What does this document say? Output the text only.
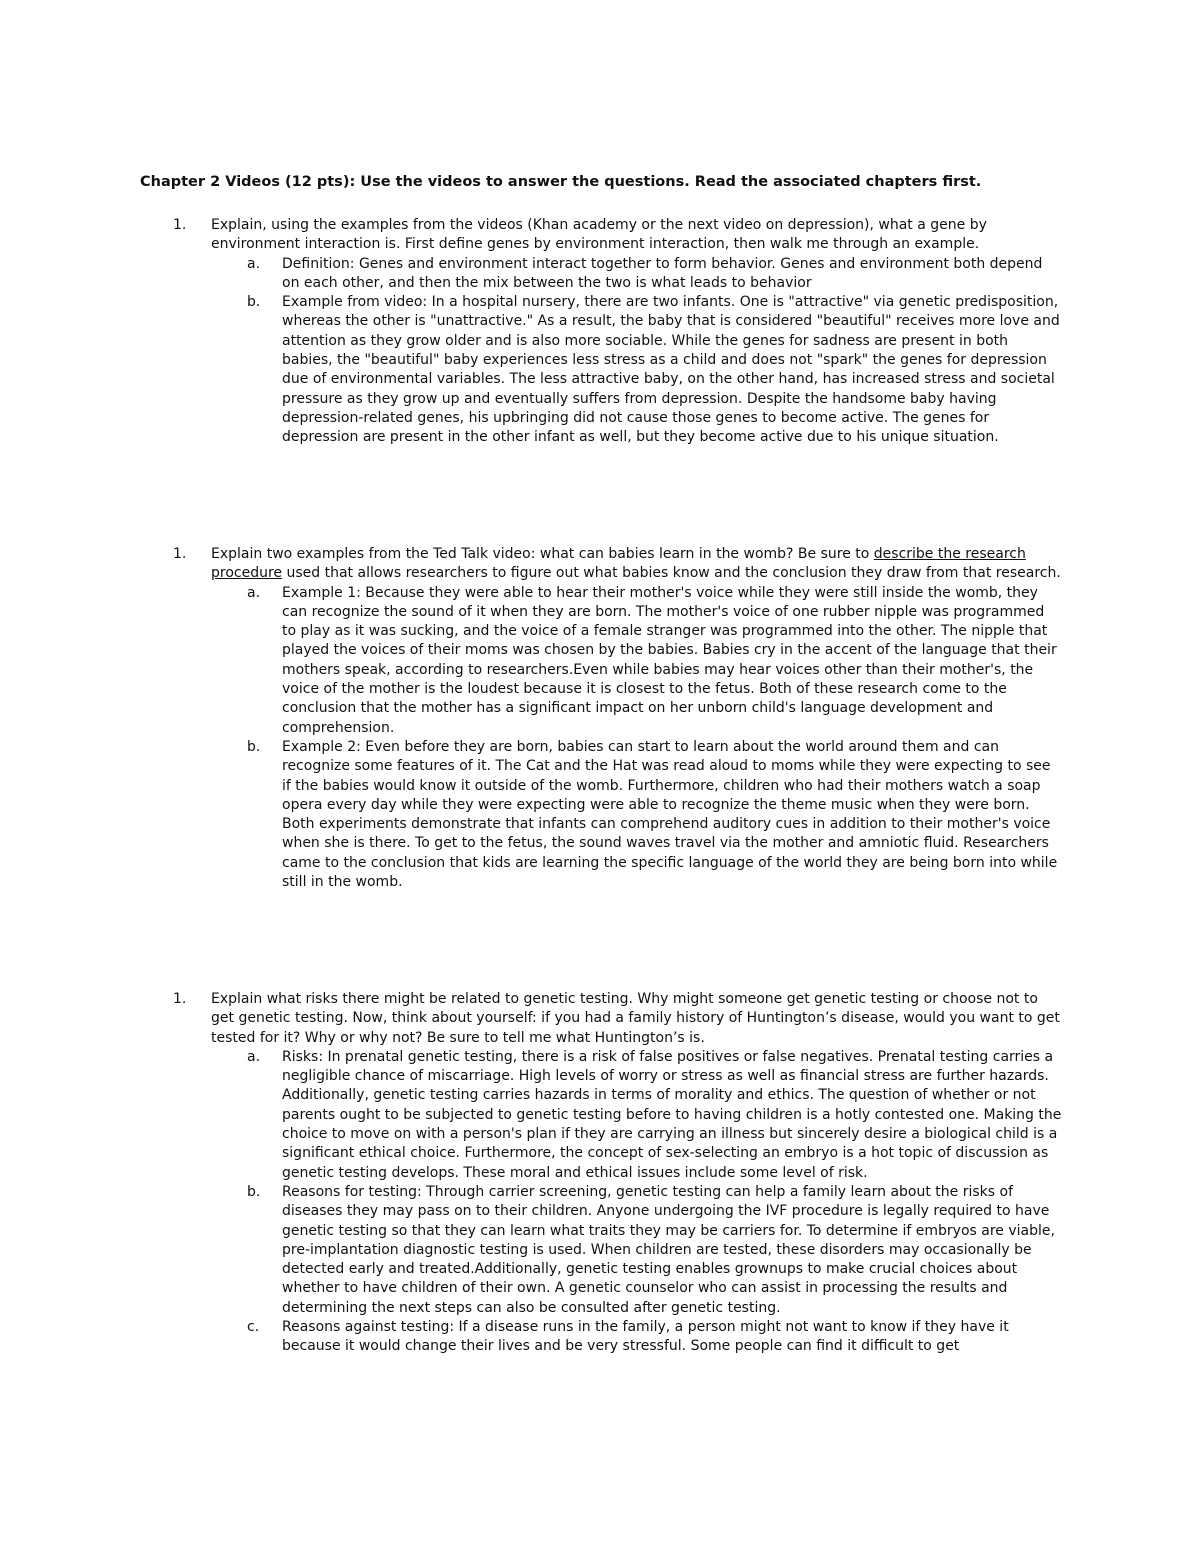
Chapter 2 Videos (12 pts): Use the videos to answer the questions. Read the associated chapters first.
1. Explain, using the examples from the videos (Khan academy or the next video on depression), what a gene by environment interaction is. First define genes by environment interaction, then walk me through an example.
a. Definition: Genes and environment interact together to form behavior. Genes and environment both depend on each other, and then the mix between the two is what leads to behavior
b. Example from video: In a hospital nursery, there are two infants. One is "attractive" via genetic predisposition, whereas the other is "unattractive." As a result, the baby that is considered "beautiful" receives more love and attention as they grow older and is also more sociable. While the genes for sadness are present in both babies, the "beautiful" baby experiences less stress as a child and does not "spark" the genes for depression due of environmental variables. The less attractive baby, on the other hand, has increased stress and societal pressure as they grow up and eventually suffers from depression. Despite the handsome baby having depression-related genes, his upbringing did not cause those genes to become active. The genes for depression are present in the other infant as well, but they become active due to his unique situation.
1. Explain two examples from the Ted Talk video: what can babies learn in the womb? Be sure to describe the research procedure used that allows researchers to figure out what babies know and the conclusion they draw from that research.
a. Example 1: Because they were able to hear their mother's voice while they were still inside the womb, they can recognize the sound of it when they are born. The mother's voice of one rubber nipple was programmed to play as it was sucking, and the voice of a female stranger was programmed into the other. The nipple that played the voices of their moms was chosen by the babies. Babies cry in the accent of the language that their mothers speak, according to researchers.Even while babies may hear voices other than their mother's, the voice of the mother is the loudest because it is closest to the fetus. Both of these research come to the conclusion that the mother has a significant impact on her unborn child's language development and comprehension.
b. Example 2: Even before they are born, babies can start to learn about the world around them and can recognize some features of it. The Cat and the Hat was read aloud to moms while they were expecting to see if the babies would know it outside of the womb. Furthermore, children who had their mothers watch a soap opera every day while they were expecting were able to recognize the theme music when they were born. Both experiments demonstrate that infants can comprehend auditory cues in addition to their mother's voice when she is there. To get to the fetus, the sound waves travel via the mother and amniotic fluid. Researchers came to the conclusion that kids are learning the specific language of the world they are being born into while still in the womb.
1. Explain what risks there might be related to genetic testing. Why might someone get genetic testing or choose not to get genetic testing. Now, think about yourself: if you had a family history of Huntington’s disease, would you want to get tested for it? Why or why not? Be sure to tell me what Huntington’s is.
a. Risks: In prenatal genetic testing, there is a risk of false positives or false negatives. Prenatal testing carries a negligible chance of miscarriage. High levels of worry or stress as well as financial stress are further hazards. Additionally, genetic testing carries hazards in terms of morality and ethics. The question of whether or not parents ought to be subjected to genetic testing before to having children is a hotly contested one. Making the choice to move on with a person's plan if they are carrying an illness but sincerely desire a biological child is a significant ethical choice. Furthermore, the concept of sex-selecting an embryo is a hot topic of discussion as genetic testing develops. These moral and ethical issues include some level of risk.
b. Reasons for testing: Through carrier screening, genetic testing can help a family learn about the risks of diseases they may pass on to their children. Anyone undergoing the IVF procedure is legally required to have genetic testing so that they can learn what traits they may be carriers for. To determine if embryos are viable, pre-implantation diagnostic testing is used. When children are tested, these disorders may occasionally be detected early and treated.Additionally, genetic testing enables grownups to make crucial choices about whether to have children of their own. A genetic counselor who can assist in processing the results and determining the next steps can also be consulted after genetic testing.
c. Reasons against testing: If a disease runs in the family, a person might not want to know if they have it because it would change their lives and be very stressful. Some people can find it difficult to get
